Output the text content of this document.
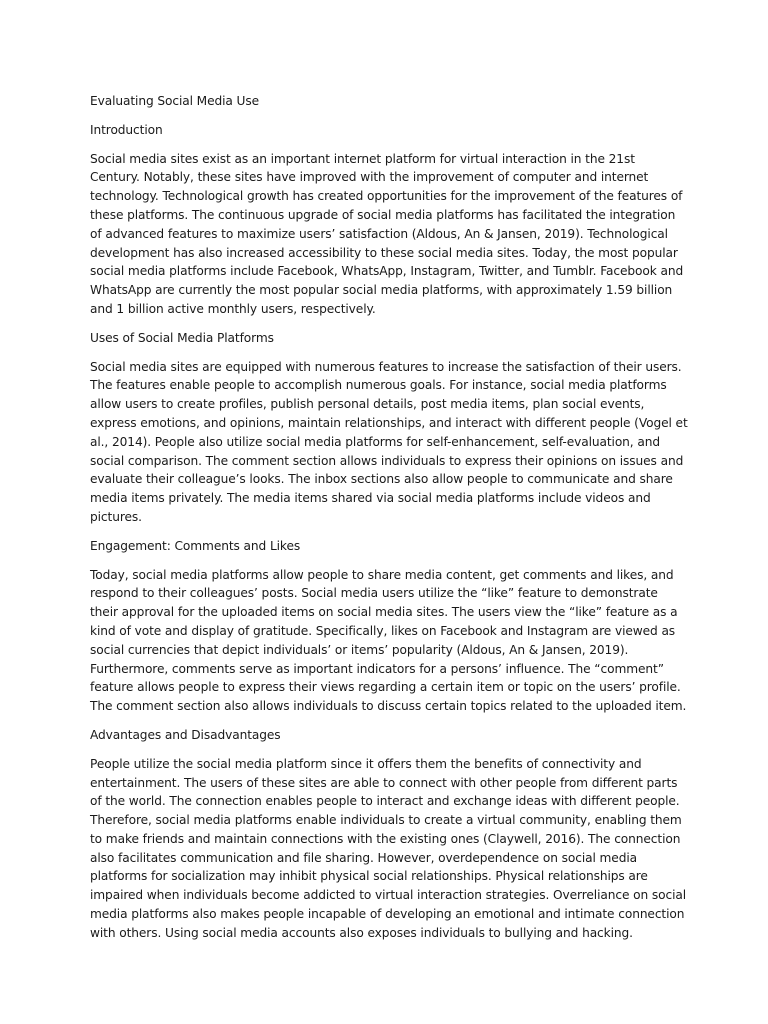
Evaluating Social Media Use

Introduction

Social media sites exist as an important internet platform for virtual interaction in the 21st Century. Notably, these sites have improved with the improvement of computer and internet technology. Technological growth has created opportunities for the improvement of the features of these platforms. The continuous upgrade of social media platforms has facilitated the integration of advanced features to maximize users’ satisfaction (Aldous, An & Jansen, 2019). Technological development has also increased accessibility to these social media sites. Today, the most popular social media platforms include Facebook, WhatsApp, Instagram, Twitter, and Tumblr. Facebook and WhatsApp are currently the most popular social media platforms, with approximately 1.59 billion and 1 billion active monthly users, respectively.

Uses of Social Media Platforms

Social media sites are equipped with numerous features to increase the satisfaction of their users. The features enable people to accomplish numerous goals. For instance, social media platforms allow users to create profiles, publish personal details, post media items, plan social events, express emotions, and opinions, maintain relationships, and interact with different people (Vogel et al., 2014). People also utilize social media platforms for self-enhancement, self-evaluation, and social comparison. The comment section allows individuals to express their opinions on issues and evaluate their colleague’s looks. The inbox sections also allow people to communicate and share media items privately. The media items shared via social media platforms include videos and pictures.

Engagement: Comments and Likes

Today, social media platforms allow people to share media content, get comments and likes, and respond to their colleagues’ posts. Social media users utilize the “like” feature to demonstrate their approval for the uploaded items on social media sites. The users view the “like” feature as a kind of vote and display of gratitude. Specifically, likes on Facebook and Instagram are viewed as social currencies that depict individuals’ or items’ popularity (Aldous, An & Jansen, 2019). Furthermore, comments serve as important indicators for a persons’ influence. The “comment” feature allows people to express their views regarding a certain item or topic on the users’ profile. The comment section also allows individuals to discuss certain topics related to the uploaded item.

Advantages and Disadvantages

People utilize the social media platform since it offers them the benefits of connectivity and entertainment. The users of these sites are able to connect with other people from different parts of the world. The connection enables people to interact and exchange ideas with different people. Therefore, social media platforms enable individuals to create a virtual community, enabling them to make friends and maintain connections with the existing ones (Claywell, 2016). The connection also facilitates communication and file sharing. However, overdependence on social media platforms for socialization may inhibit physical social relationships. Physical relationships are impaired when individuals become addicted to virtual interaction strategies. Overreliance on social media platforms also makes people incapable of developing an emotional and intimate connection with others. Using social media accounts also exposes individuals to bullying and hacking.
